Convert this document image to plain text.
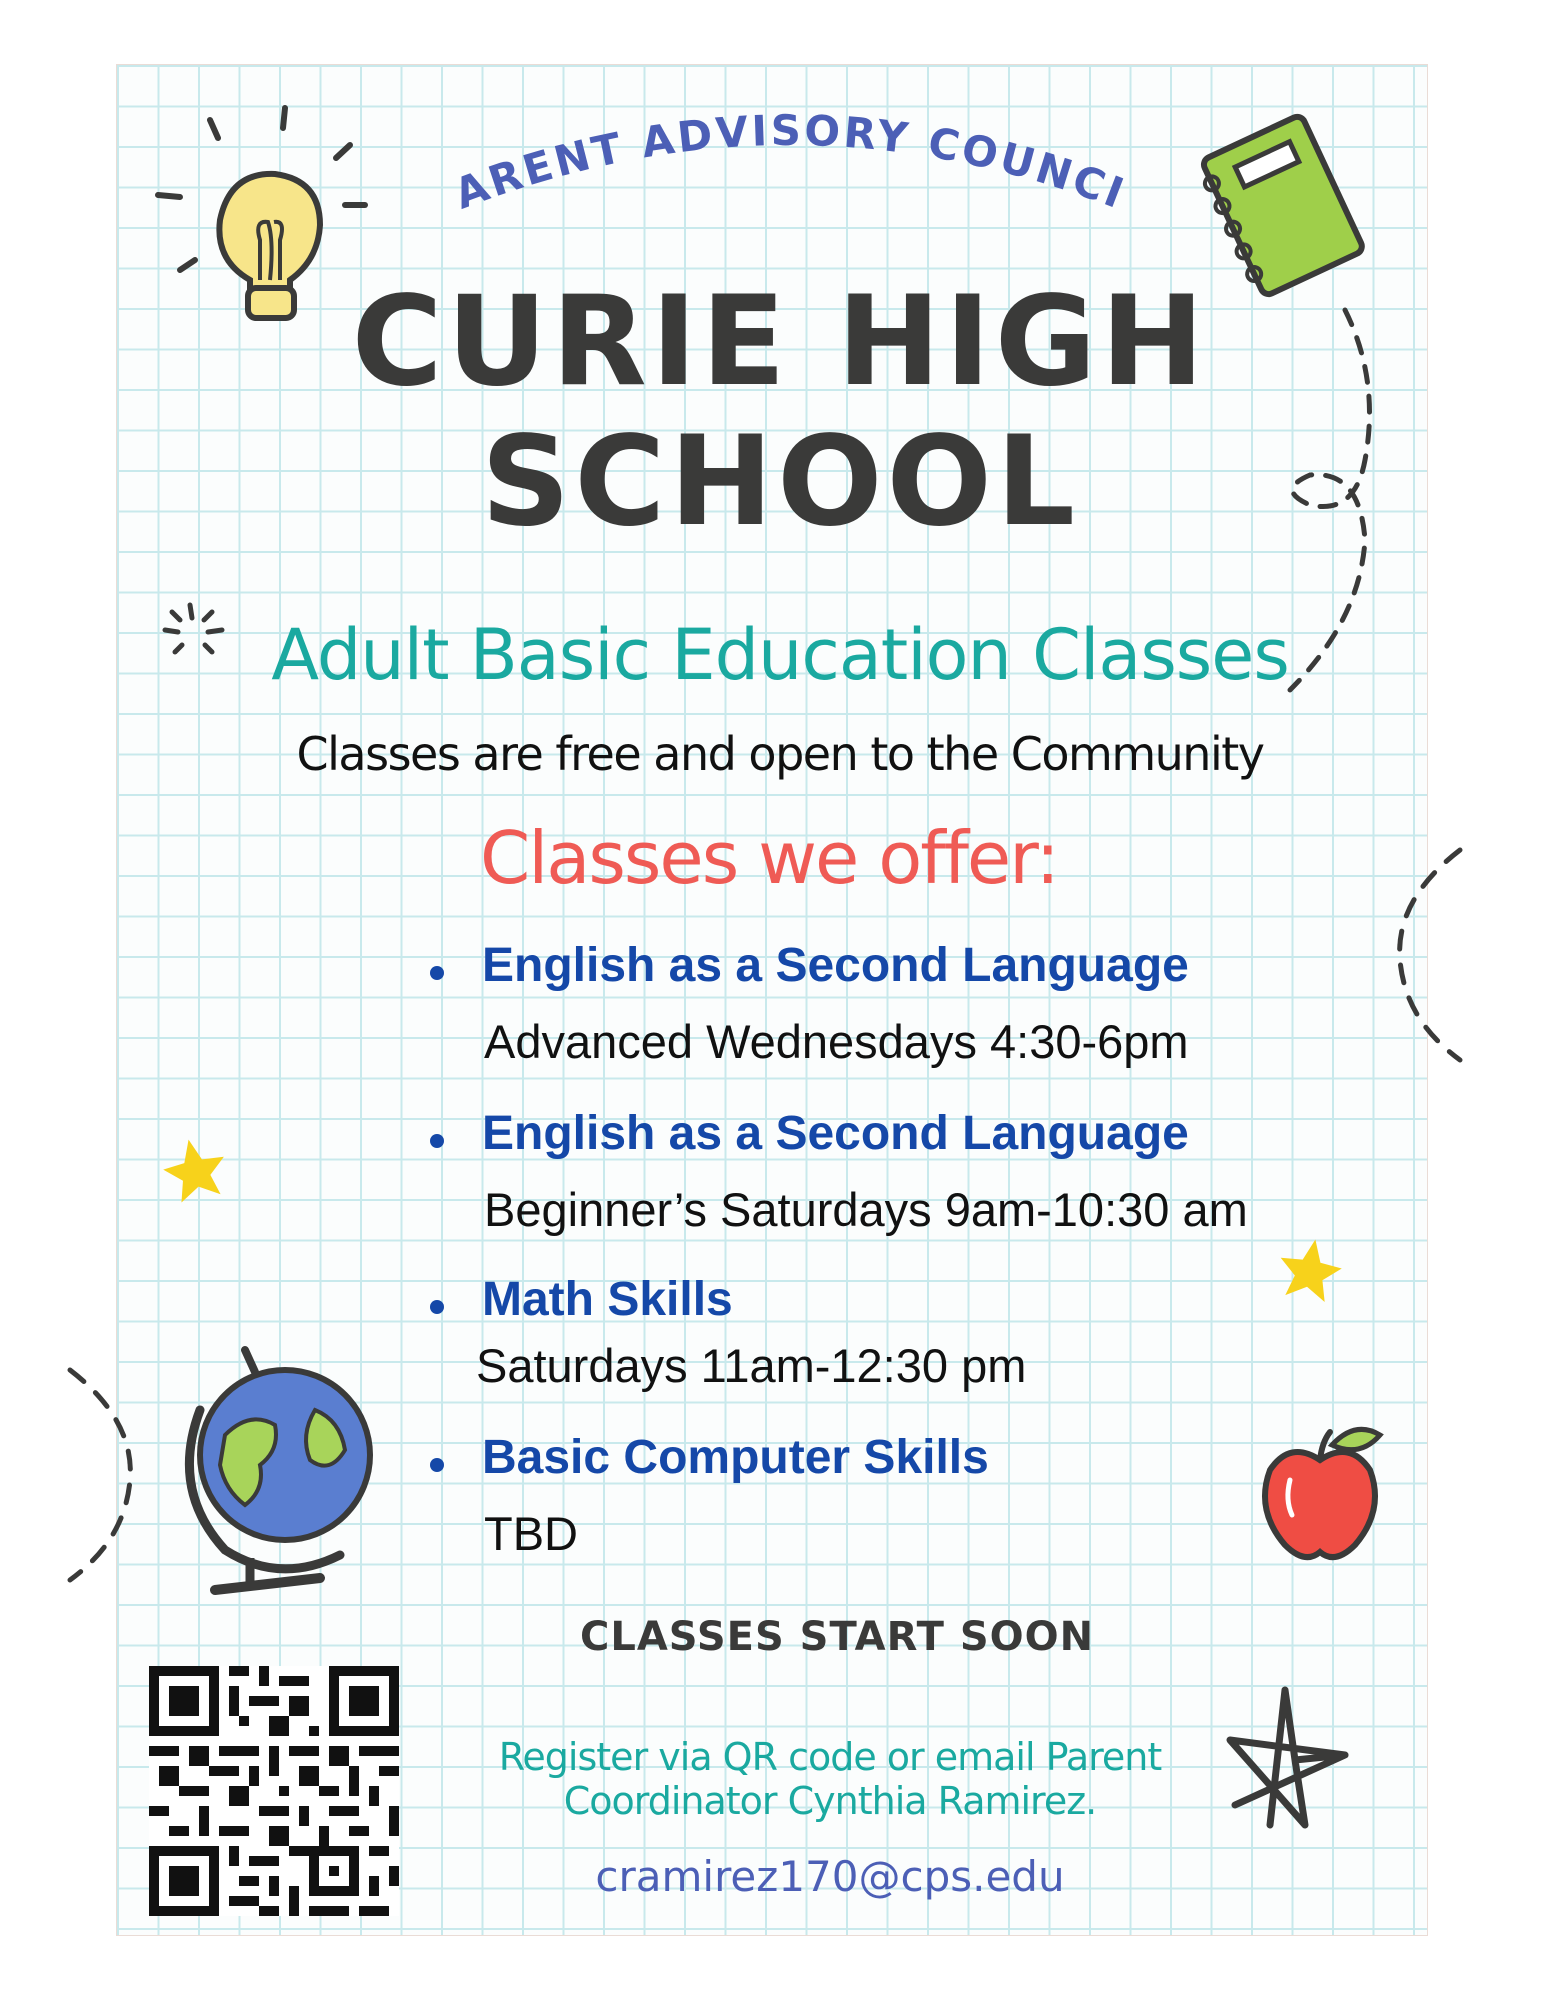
ARENT ADVISORY COUNCI
CURIE HIGH
SCHOOL
Adult Basic Education Classes
Classes are free and open to the Community
Classes we offer:
English as a Second Language
Advanced Wednesdays 4:30-6pm
English as a Second Language
Beginner’s Saturdays 9am-10:30 am
Math Skills
Saturdays 11am-12:30 pm
Basic Computer Skills
TBD
CLASSES START SOON
Register via QR code or email Parent
Coordinator Cynthia Ramirez.
cramirez170@cps.edu
